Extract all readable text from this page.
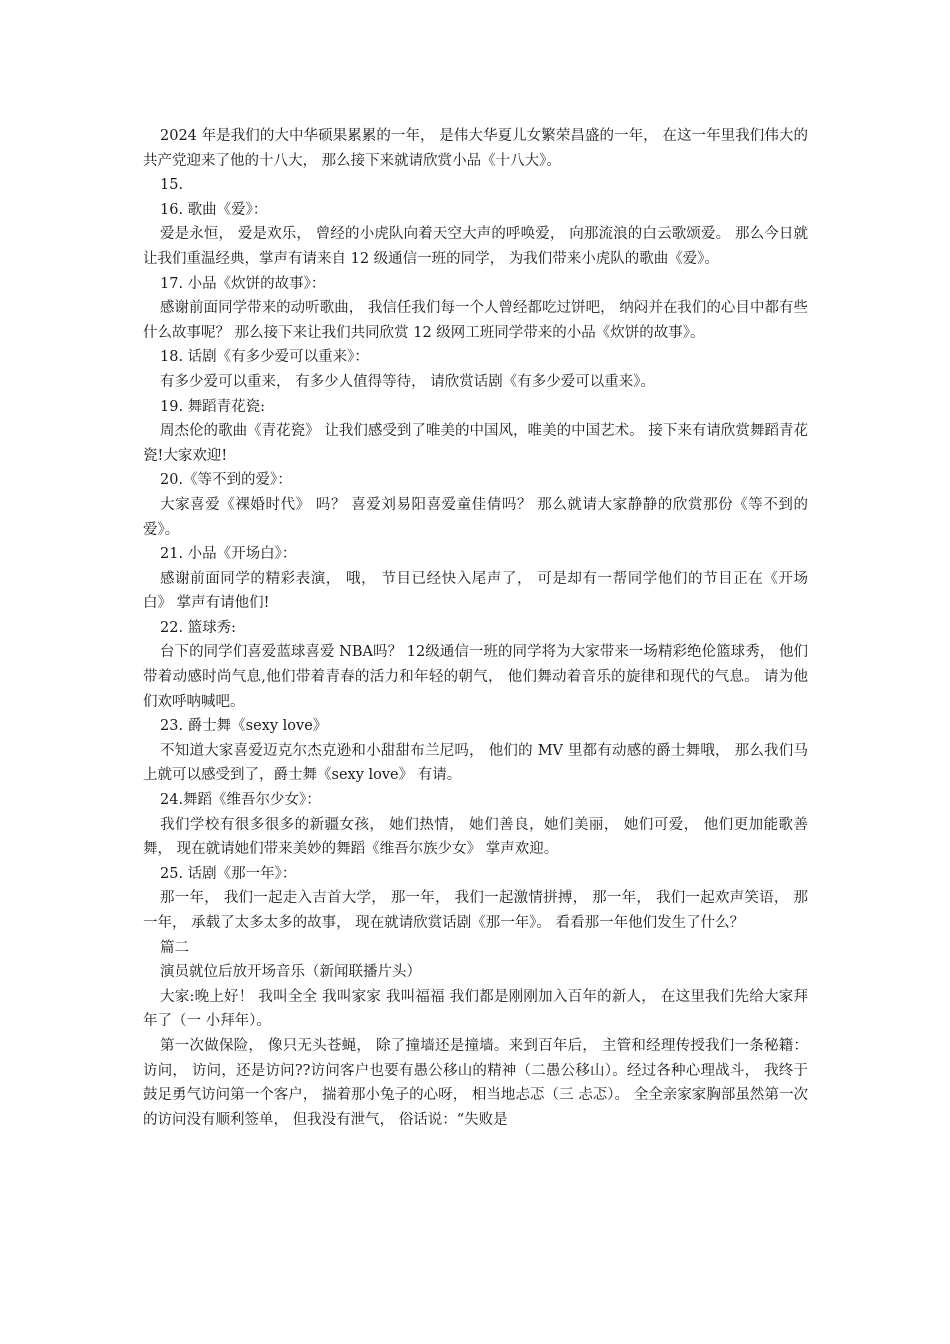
2024 年是我们的大中华硕果累累的一年， 是伟大华夏儿女繁荣昌盛的一年， 在这一年里我们伟大的共产党迎来了他的十八大， 那么接下来就请欣赏小品《十八大》。

15.

16. 歌曲《爱》：

爱是永恒， 爱是欢乐， 曾经的小虎队向着天空大声的呼唤爱， 向那流浪的白云歌颂爱。 那么今日就让我们重温经典，掌声有请来自 12 级通信一班的同学， 为我们带来小虎队的歌曲《爱》。

17. 小品《炊饼的故事》：

感谢前面同学带来的动听歌曲， 我信任我们每一个人曾经都吃过饼吧， 纳闷并在我们的心目中都有些什么故事呢？ 那么接下来让我们共同欣赏 12 级网工班同学带来的小品《炊饼的故事》。

18. 话剧《有多少爱可以重来》：

有多少爱可以重来， 有多少人值得等待， 请欣赏话剧《有多少爱可以重来》。

19. 舞蹈青花瓷:

周杰伦的歌曲《青花瓷》 让我们感受到了唯美的中国风，唯美的中国艺术。 接下来有请欣赏舞蹈青花瓷!大家欢迎!

20.《等不到的爱》：

大家喜爱《裸婚时代》 吗？ 喜爱刘易阳喜爱童佳倩吗？ 那么就请大家静静的欣赏那份《等不到的爱》。

21. 小品《开场白》：

感谢前面同学的精彩表演， 哦， 节目已经快入尾声了， 可是却有一帮同学他们的节目正在《开场白》 掌声有请他们!

22. 篮球秀:

台下的同学们喜爱蓝球喜爱 NBA吗？ 12级通信一班的同学将为大家带来一场精彩绝伦篮球秀， 他们带着动感时尚气息,他们带着青春的活力和年轻的朝气， 他们舞动着音乐的旋律和现代的气息。 请为他们欢呼呐喊吧。

23. 爵士舞《sexy love》

不知道大家喜爱迈克尔杰克逊和小甜甜布兰尼吗， 他们的 MV 里都有动感的爵士舞哦， 那么我们马上就可以感受到了，爵士舞《sexy love》 有请。

24.舞蹈《维吾尔少女》：

我们学校有很多很多的新疆女孩， 她们热情， 她们善良，她们美丽， 她们可爱， 他们更加能歌善舞， 现在就请她们带来美妙的舞蹈《维吾尔族少女》 掌声欢迎。

25. 话剧《那一年》：

那一年， 我们一起走入吉首大学， 那一年， 我们一起激情拼搏， 那一年， 我们一起欢声笑语， 那一年， 承载了太多太多的故事， 现在就请欣赏话剧《那一年》。 看看那一年他们发生了什么？

篇二

演员就位后放开场音乐（新闻联播片头）

大家:晚上好！ 我叫全全 我叫家家 我叫福福 我们都是刚刚加入百年的新人， 在这里我们先给大家拜年了（一 小拜年）。

第一次做保险， 像只无头苍蝇， 除了撞墙还是撞墙。来到百年后， 主管和经理传授我们一条秘籍： 访问， 访问，还是访问??访问客户也要有愚公移山的精神（二愚公移山）。经过各种心理战斗， 我终于鼓足勇气访问第一个客户， 揣着那小兔子的心呀， 相当地忐忑（三 忐忑）。 全全亲家家胸部虽然第一次的访问没有顺利签单， 但我没有泄气， 俗话说：“失败是
